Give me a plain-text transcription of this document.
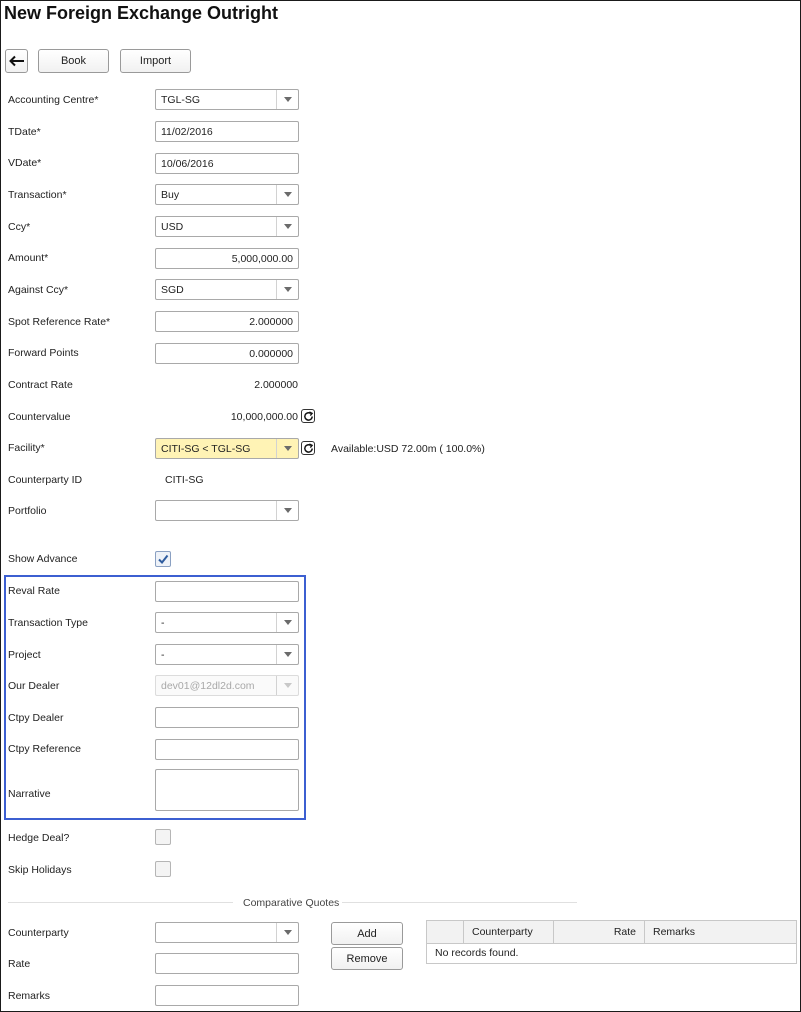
New Foreign Exchange Outright
Book	Import
Accounting Centre*	TGL-SG
TDate*	11/02/2016
VDate*	10/06/2016
Transaction*	Buy
Ccy*	USD
Amount*	5,000,000.00
Against Ccy*	SGD
Spot Reference Rate*	2.000000
Forward Points	0.000000
Contract Rate	2.000000
Countervalue	10,000,000.00
Facility*	CITI-SG < TGL-SG	Available:USD 72.00m ( 100.0%)
Counterparty ID	CITI-SG
Portfolio
Show Advance
Reval Rate
Transaction Type	-
Project	-
Our Dealer	dev01@12dl2d.com
Ctpy Dealer
Ctpy Reference
Narrative
Hedge Deal?
Skip Holidays
Comparative Quotes
Counterparty
Rate
Remarks
Add
Remove
Counterparty	Rate	Remarks
No records found.
